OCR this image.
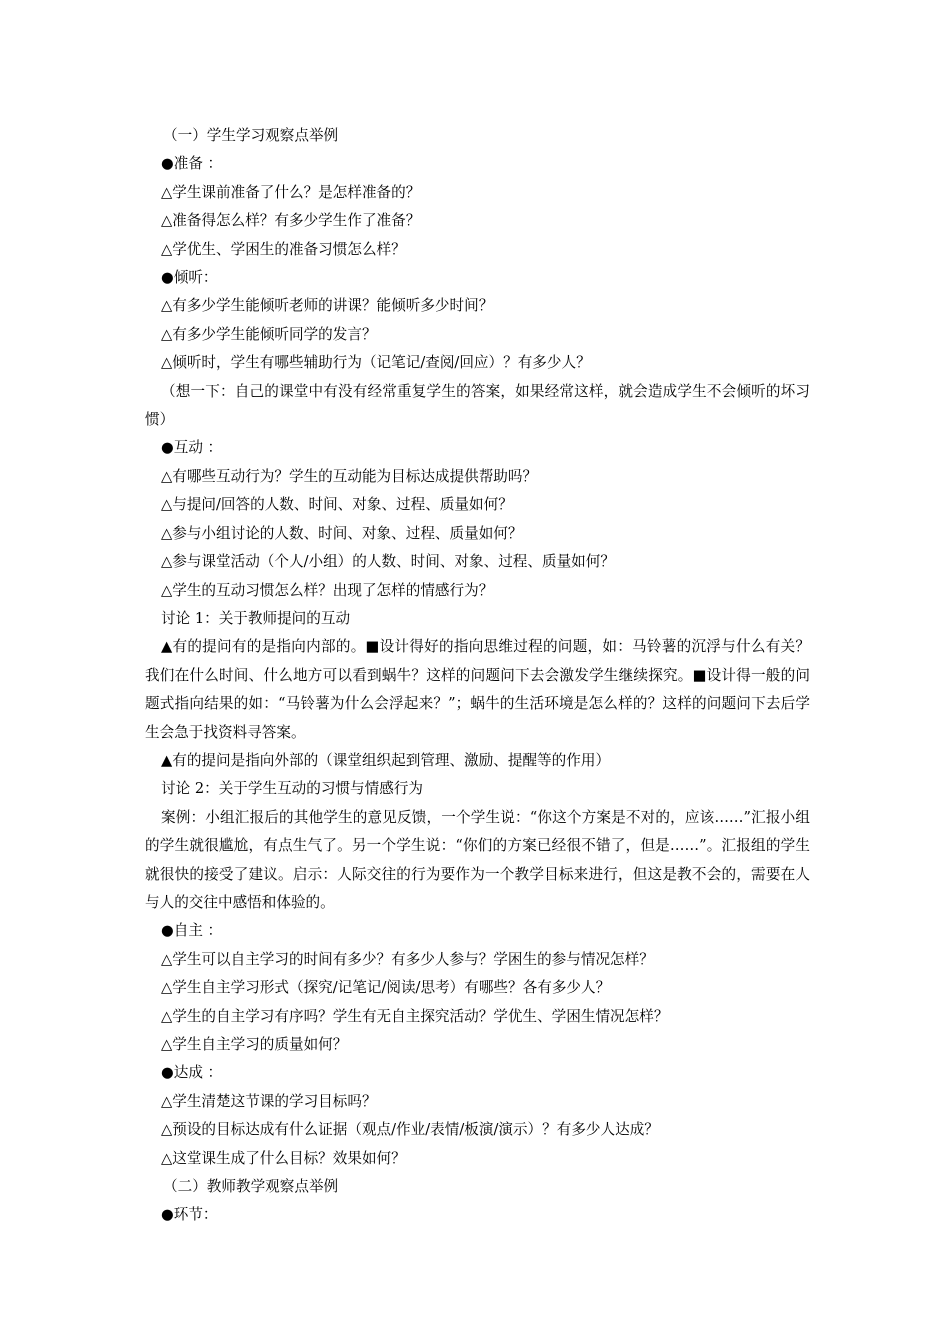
（一）学生学习观察点举例
●准备 ：
△学生课前准备了什么？是怎样准备的？
△准备得怎么样？有多少学生作了准备？
△学优生、学困生的准备习惯怎么样？
●倾听：
△有多少学生能倾听老师的讲课？能倾听多少时间？
△有多少学生能倾听同学的发言？
△倾听时，学生有哪些辅助行为（记笔记/查阅/回应）？有多少人？
（想一下：自己的课堂中有没有经常重复学生的答案，如果经常这样，就会造成学生不会倾听的坏习惯）
●互动 ：
△有哪些互动行为？学生的互动能为目标达成提供帮助吗？
△与提问/回答的人数、时间、对象、过程、质量如何？
△参与小组讨论的人数、时间、对象、过程、质量如何？
△参与课堂活动（个人/小组）的人数、时间、对象、过程、质量如何？
△学生的互动习惯怎么样？出现了怎样的情感行为？
讨论 1：关于教师提问的互动
▲有的提问有的是指向内部的。■设计得好的指向思维过程的问题，如：马铃薯的沉浮与什么有关？我们在什么时间、什么地方可以看到蜗牛？这样的问题问下去会激发学生继续探究。■设计得一般的问题式指向结果的如：“马铃薯为什么会浮起来？”；蜗牛的生活环境是怎么样的？这样的问题问下去后学生会急于找资料寻答案。
▲有的提问是指向外部的（课堂组织起到管理、激励、提醒等的作用）
讨论 2：关于学生互动的习惯与情感行为
案例：小组汇报后的其他学生的意见反馈，一个学生说：“你这个方案是不对的，应该……”汇报小组的学生就很尴尬，有点生气了。另一个学生说：“你们的方案已经很不错了，但是……”。汇报组的学生就很快的接受了建议。启示：人际交往的行为要作为一个教学目标来进行，但这是教不会的，需要在人与人的交往中感悟和体验的。
●自主 ：
△学生可以自主学习的时间有多少？有多少人参与？学困生的参与情况怎样？
△学生自主学习形式（探究/记笔记/阅读/思考）有哪些？各有多少人？
△学生的自主学习有序吗？学生有无自主探究活动？学优生、学困生情况怎样？
△学生自主学习的质量如何？
●达成 ：
△学生清楚这节课的学习目标吗？
△预设的目标达成有什么证据（观点/作业/表情/板演/演示）？有多少人达成？
△这堂课生成了什么目标？效果如何？
（二）教师教学观察点举例
●环节：
